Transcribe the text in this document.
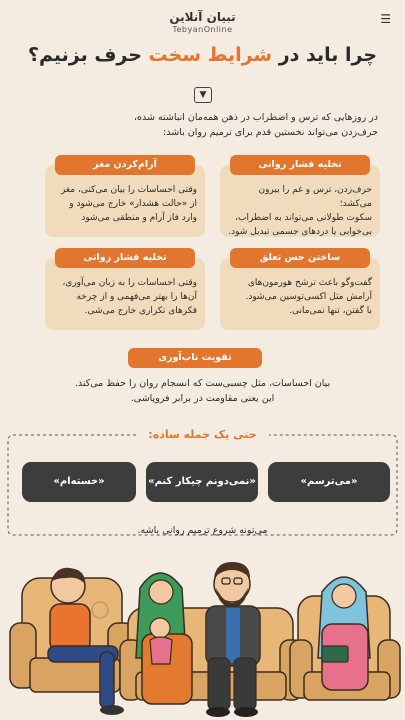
☰
تبیان آنلاین
TebyanOnline
چرا باید در شرایط سخت حرف بزنیم؟
▼
در روزهایی که ترس و اضطراب در ذهن همه‌مان انباشته شده،
حرف‌زدن می‌تواند نخستین قدم برای ترمیم روان باشد:
تخلیه فشار روانی
حرف‌زدن، ترس و غم را بیرون می‌کشد؛
سکوت طولانی می‌تواند به اضطراب،
بی‌خوابی یا دردهای جسمی تبدیل شود.
آرام‌کردن مغز
وقتی احساسات را بیان می‌کنی، مغز
از «حالت هشدار» خارج می‌شود و
وارد فاز آرام و منطقی می‌شود
ساختن حس تعلق
گفت‌وگو باعث ترشح هورمون‌های
آرامش مثل اکسی‌توسین می‌شود.
با گفتن، تنها نمی‌مانی.
تخلیه فشار روانی
وقتی احساسات را به زبان می‌آوری،
آن‌ها را بهتر می‌فهمی و از چرخه
فکرهای تکراری خارج می‌شی.
تقویت تاب‌آوری
بیان احساسات، مثل چسبی‌ست که انسجام روان را حفظ می‌کند.
این یعنی مقاومت در برابر فروپاشی.
حتی یک جمله ساده:
«می‌ترسم»
«نمی‌دونم چیکار کنم»
«خسته‌ام»
می‌تونه شروع ترمیم روانی باشه.
